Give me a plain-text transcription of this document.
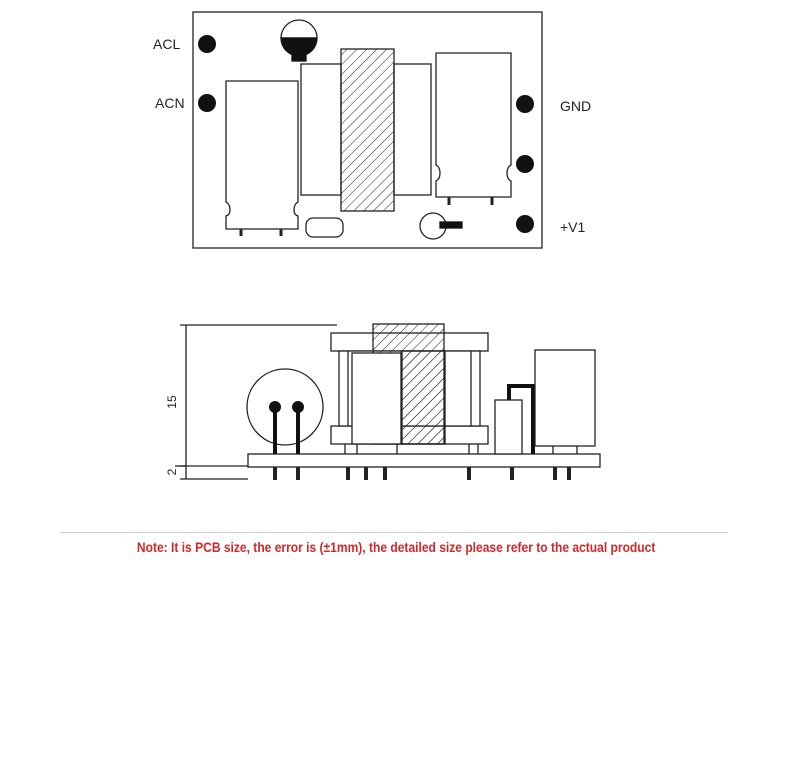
ACL
ACN	GND
+V1
15
2
Note: It is PCB size, the error is (±1mm), the detailed size please refer to the actual product
